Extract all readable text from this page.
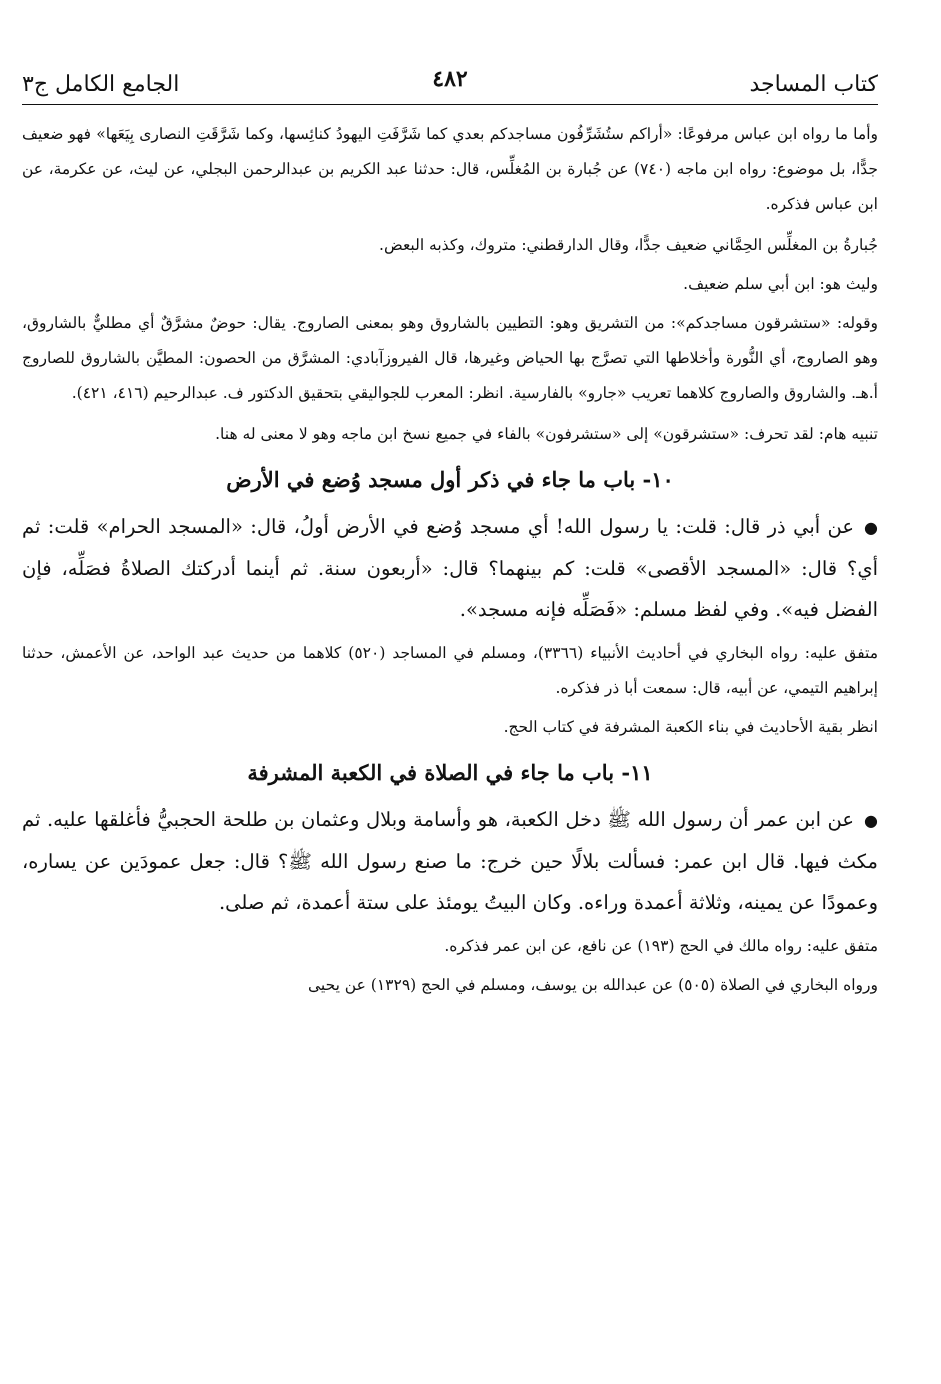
كتاب المساجد
٤٨٢
الجامع الكامل ج٣

وأما ما رواه ابن عباس مرفوعًا: «أراكم ستُشَرِّفُون مساجدكم بعدي كما شَرَّفَتِ اليهودُ كنائِسها، وكما شَرَّقَتِ النصارى بِيَعَها» فهو ضعيف جدًّا، بل موضوع: رواه ابن ماجه (٧٤٠) عن جُبارة بن المُغلِّس، قال: حدثنا عبد الكريم بن عبدالرحمن البجلي، عن ليث، عن عكرمة، عن ابن عباس فذكره.

جُبارةُ بن المغلِّس الحِمَّاني ضعيف جدًّا، وقال الدارقطني: متروك، وكذبه البعض.

وليث هو: ابن أبي سلم ضعيف.

وقوله: «ستشرقون مساجدكم»: من التشريق وهو: التطيين بالشاروق وهو بمعنى الصاروج. يقال: حوضٌ مشرَّقٌ أي مطليٌّ بالشاروق، وهو الصاروج، أي النُّورة وأخلاطها التي تصرَّج بها الحياض وغيرها، قال الفيروزآبادي: المشرَّق من الحصون: المطيَّن بالشاروق للصاروج أ.هـ. والشاروق والصاروج كلاهما تعريب «جارو» بالفارسية. انظر: المعرب للجواليقي بتحقيق الدكتور ف. عبدالرحيم (٤١٦، ٤٢١).

تنبيه هام: لقد تحرف: «ستشرقون» إلى «ستشرفون» بالفاء في جميع نسخ ابن ماجه وهو لا معنى له هنا.

١٠- باب ما جاء في ذكر أول مسجد وُضع في الأرض

●عن أبي ذر قال: قلت: يا رسول الله! أي مسجد وُضع في الأرض أولُ، قال: «المسجد الحرام» قلت: ثم أي؟ قال: «المسجد الأقصى» قلت: كم بينهما؟ قال: «أربعون سنة. ثم أينما أدركتك الصلاةُ فصَلِّه، فإن الفضل فيه». وفي لفظ مسلم: «فَصَلِّه فإنه مسجد».

متفق عليه: رواه البخاري في أحاديث الأنبياء (٣٣٦٦)، ومسلم في المساجد (٥٢٠) كلاهما من حديث عبد الواحد، عن الأعمش، حدثنا إبراهيم التيمي، عن أبيه، قال: سمعت أبا ذر فذكره.

انظر بقية الأحاديث في بناء الكعبة المشرفة في كتاب الحج.

١١- باب ما جاء في الصلاة في الكعبة المشرفة

●عن ابن عمر أن رسول الله ﷺ دخل الكعبة، هو وأسامة وبلال وعثمان بن طلحة الحجبيُّ فأغلقها عليه. ثم مكث فيها. قال ابن عمر: فسألت بلالًا حين خرج: ما صنع رسول الله ﷺ؟ قال: جعل عمودَين عن يساره، وعمودًا عن يمينه، وثلاثة أعمدة وراءه. وكان البيتُ يومئذ على ستة أعمدة، ثم صلى.

متفق عليه: رواه مالك في الحج (١٩٣) عن نافع، عن ابن عمر فذكره.

ورواه البخاري في الصلاة (٥٠٥) عن عبدالله بن يوسف، ومسلم في الحج (١٣٢٩) عن يحيى
